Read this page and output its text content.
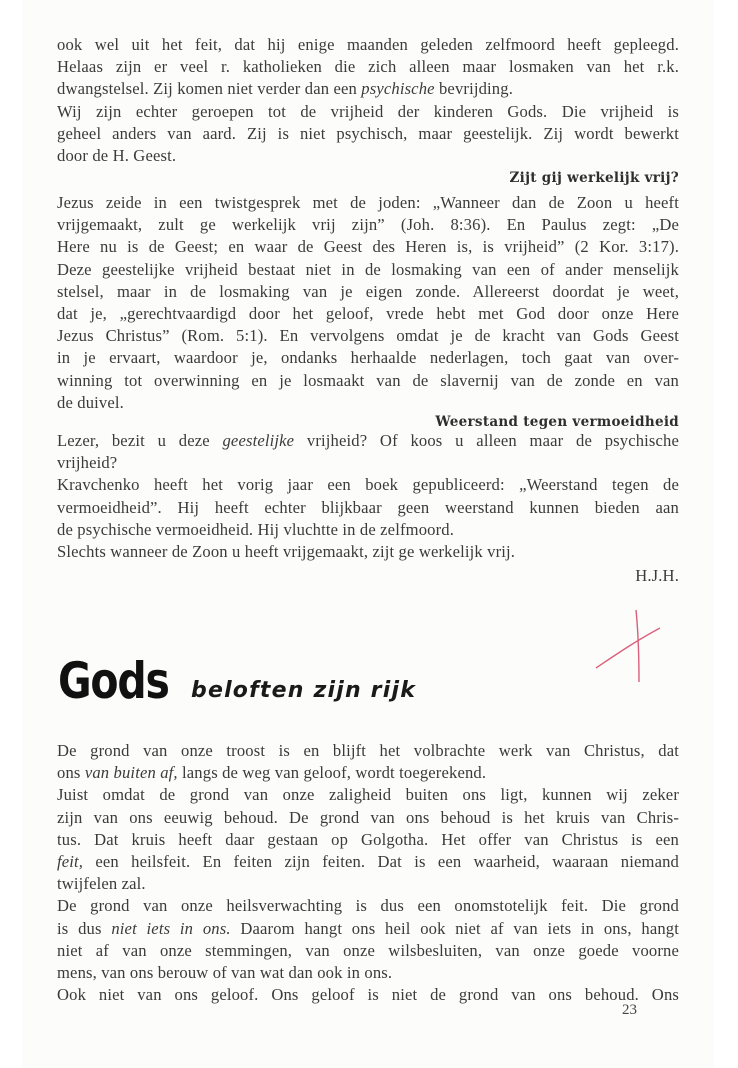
ook wel uit het feit, dat hij enige maanden geleden zelfmoord heeft gepleegd.
Helaas zijn er veel r. katholieken die zich alleen maar losmaken van het r.k.
dwangstelsel. Zij komen niet verder dan een psychische bevrijding.
Wij zijn echter geroepen tot de vrijheid der kinderen Gods. Die vrijheid is
geheel anders van aard. Zij is niet psychisch, maar geestelijk. Zij wordt bewerkt
door de H. Geest.
Zijt gij werkelijk vrij?
Jezus zeide in een twistgesprek met de joden: „Wanneer dan de Zoon u heeft
vrijgemaakt, zult ge werkelijk vrij zijn” (Joh. 8:36). En Paulus zegt: „De
Here nu is de Geest; en waar de Geest des Heren is, is vrijheid” (2 Kor. 3:17).
Deze geestelijke vrijheid bestaat niet in de losmaking van een of ander menselijk
stelsel, maar in de losmaking van je eigen zonde. Allereerst doordat je weet,
dat je, „gerechtvaardigd door het geloof, vrede hebt met God door onze Here
Jezus Christus” (Rom. 5:1). En vervolgens omdat je de kracht van Gods Geest
in je ervaart, waardoor je, ondanks herhaalde nederlagen, toch gaat van over-
winning tot overwinning en je losmaakt van de slavernij van de zonde en van
de duivel.
Weerstand tegen vermoeidheid
Lezer, bezit u deze geestelijke vrijheid? Of koos u alleen maar de psychische
vrijheid?
Kravchenko heeft het vorig jaar een boek gepubliceerd: „Weerstand tegen de
vermoeidheid”. Hij heeft echter blijkbaar geen weerstand kunnen bieden aan
de psychische vermoeidheid. Hij vluchtte in de zelfmoord.
Slechts wanneer de Zoon u heeft vrijgemaakt, zijt ge werkelijk vrij.
H.J.H.
Gods beloften zijn rijk
De grond van onze troost is en blijft het volbrachte werk van Christus, dat
ons van buiten af, langs de weg van geloof, wordt toegerekend.
Juist omdat de grond van onze zaligheid buiten ons ligt, kunnen wij zeker
zijn van ons eeuwig behoud. De grond van ons behoud is het kruis van Chris-
tus. Dat kruis heeft daar gestaan op Golgotha. Het offer van Christus is een
feit, een heilsfeit. En feiten zijn feiten. Dat is een waarheid, waaraan niemand
twijfelen zal.
De grond van onze heilsverwachting is dus een onomstotelijk feit. Die grond
is dus niet iets in ons. Daarom hangt ons heil ook niet af van iets in ons, hangt
niet af van onze stemmingen, van onze wilsbesluiten, van onze goede voorne
mens, van ons berouw of van wat dan ook in ons.
Ook niet van ons geloof. Ons geloof is niet de grond van ons behoud. Ons
23
